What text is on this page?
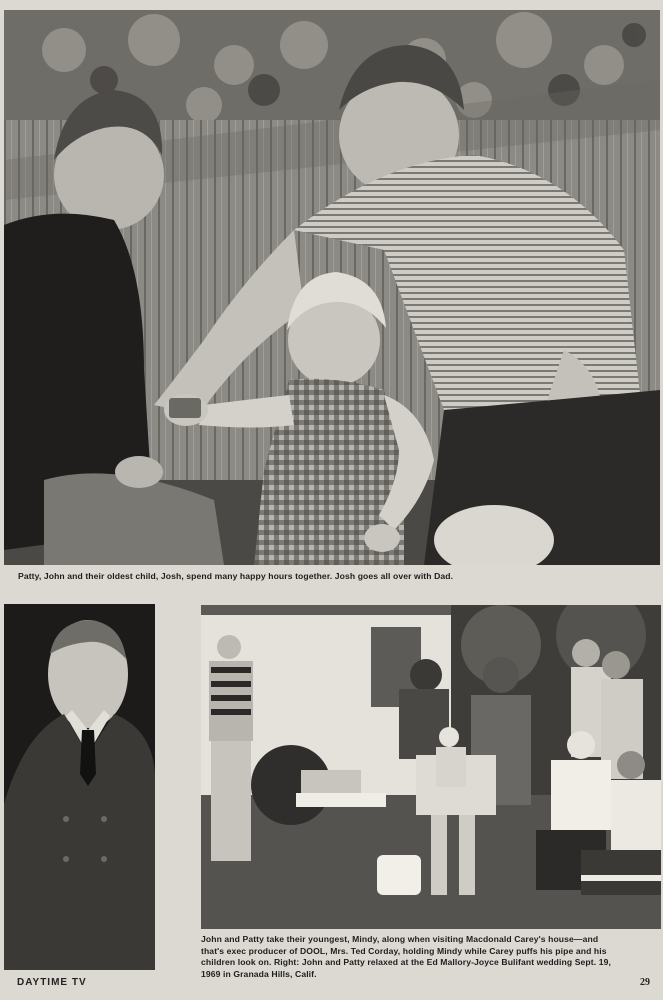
Patty, John and their oldest child, Josh, spend many happy hours together. Josh goes all over with Dad.
John and Patty take their youngest, Mindy, along when visiting Macdonald Carey's house—and that's exec producer of DOOL, Mrs. Ted Corday, holding Mindy while Carey puffs his pipe and his children look on. Right: John and Patty relaxed at the Ed Mallory-Joyce Bulifant wedding Sept. 19, 1969 in Granada Hills, Calif.
DAYTIME TV	29
